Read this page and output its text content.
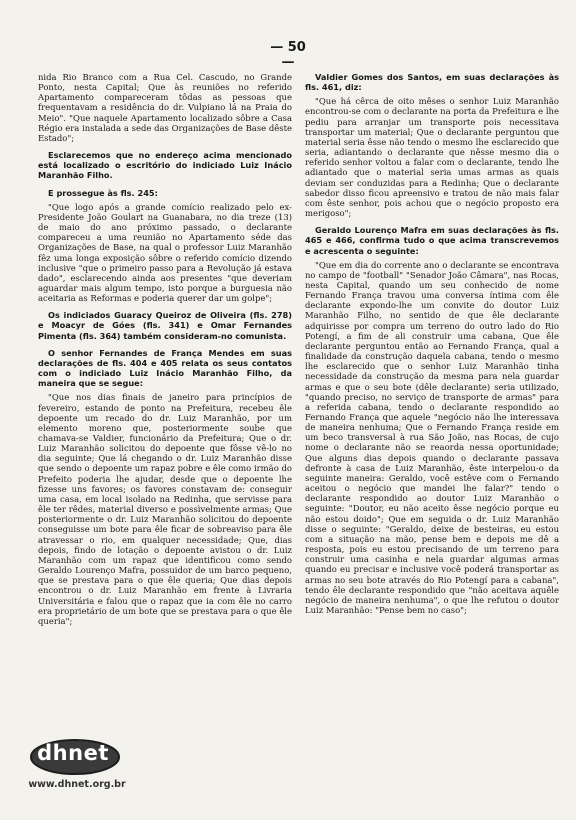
— 50 —

nida Rio Branco com a Rua Cel. Cascudo, no Grande Ponto, nesta Capital; Que às reuniões no referido Apartamento compareceram tôdas as pessoas que frequentavam a residência do dr. Vulpiano lá na Praia do Meio". "Que naquele Apartamento localizado sôbre a Casa Régio era instalada a sede das Organizações de Base dêste Estado";

Esclarecemos que no endereço acima mencionado está localizado o escritório do indiciado Luiz Inácio Maranhão Filho.

E prossegue às fls. 245:

"Que logo após a grande comício realizado pelo ex-Presidente João Goulart na Guanabara, no dia treze (13) de maio do ano próximo passado, o declarante compareceu a uma reunião no Apartamento séde das Organizações de Base, na qual o professor Luiz Maranhão fêz uma longa exposição sôbre o referido comício dizendo inclusive "que o primeiro passo para a Revolução já estava dado", esclarecendo ainda aos presentes "que deveriam aguardar mais algum tempo, isto porque a burguesia não aceitaria as Reformas e poderia querer dar um golpe";

Os indiciados Guaracy Queiroz de Oliveira (fls. 278) e Moacyr de Góes (fls. 341) e Omar Fernandes Pimenta (fls. 364) também consideram-no comunista.

O senhor Fernandes de França Mendes em suas declarações de fls. 404 e 405 relata os seus contatos com o indiciado Luiz Inácio Maranhão Filho, da maneira que se segue:

"Que nos dias finais de janeiro para princípios de fevereiro, estando de ponto na Prefeitura, recebeu êle depoente um recado do dr. Luiz Maranhão, por um elemento moreno que, posteriormente soube que chamava-se Valdier, funcionário da Prefeitura; Que o dr. Luiz Maranhão solicitou do depoente que fôsse vê-lo no dia seguinte; Que lá chegando o dr. Luiz Maranhão disse que sendo o depoente um rapaz pobre e êle como irmão do Prefeito poderia lhe ajudar, desde que o depoente lhe fizesse uns favores; os favores constavam de: conseguir uma casa, em local isolado na Redinha, que servisse para êle ter rêdes, material diverso e possìvelmente armas; Que posteriormente o dr. Luiz Maranhão solicitou do depoente conseguisse um bote para êle ficar de sobreaviso para êle atravessar o rio, em qualquer necessidade; Que, dias depois, findo de lotação o depoente avistou o dr. Luiz Maranhão com um rapaz que identificou como sendo Geraldo Lourenço Mafra, possuidor de um barco pequeno, que se prestava para o que êle queria; Que dias depois encontrou o dr. Luiz Maranhão em frente à Livraria Universitária e falou que o rapaz que ia com êle no carro era proprietário de um bote que se prestava para o que êle queria";

Valdier Gomes dos Santos, em suas declarações às fls. 461, diz:

"Que há cêrca de oito mêses o senhor Luiz Maranhão encontrou-se com o declarante na porta da Prefeitura e lhe pediu para arranjar um transporte pois necessitava transportar um material; Que o declarante perguntou que material seria êsse não tendo o mesmo lhe esclarecido que seria, adiantando o declarante que nêsse mesmo dia o referido senhor voltou a falar com o declarante, tendo lhe adiantado que o material seria umas armas as quais deviam ser conduzidas para a Redinha; Que o declarante sabedor disso ficou apreensivo e tratou de não mais falar com êste senhor, pois achou que o negócio proposto era merigoso";

Geraldo Lourenço Mafra em suas declarações às fls. 465 e 466, confirma tudo o que acima transcrevemos e acrescenta o seguinte:

"Que em dia do corrente ano o declarante se encontrava no campo de "football" "Senador João Câmara", nas Rocas, nesta Capital, quando um seu conhecido de nome Fernando França travou uma conversa íntima com êle declarante expondo-lhe um convite do doutor Luiz Maranhão Filho, no sentido de que êle declarante adquirisse por compra um terreno do outro lado do Rio Potengí, a fim de ali construir uma cabana, Que êle declarante perguntou então ao Fernando França, qual a finalidade da construção daquela cabana, tendo o mesmo lhe esclarecido que o senhor Luiz Maranhão tinha necessidade da construção da mesma para nela guardar armas e que o seu bote (dêle declarante) seria utilizado, "quando preciso, no serviço de transporte de armas" para a referida cabana, tendo o declarante respondido ao Fernando França que aquele "negócio não lhe interessava de maneira nenhuma; Que o Fernando França reside em um beco transversal à rua São João, nas Rocas, de cujo nome o declarante não se reaorda nessa oportunidade; Que alguns dias depois quando o declarante passava defronte à casa de Luiz Maranhão, êste interpelou-o da seguinte maneira: Geraldo, você estêve com o Fernando aceitou o negócio que mandei lhe falar?" tendo o declarante respondido ao doutor Luiz Maranhão o seguinte: "Doutor, eu não aceito êsse negócio porque eu não estou doido"; Que em seguida o dr. Luiz Maranhão disse o seguinte: "Geraldo, deixe de besteiras, eu estou com a situação na mão, pense bem e depois me dê a resposta, pois eu estou precisando de um terreno para construir uma casinha e nela guardar algumas armas quando eu precisar e inclusive você poderá transportar as armas no seu bote através do Rio Potengí para a cabana", tendo êle declarante respondido que "não aceitava aquêle negócio de maneira nenhuma", o que lhe refutou o doutor Luiz Maranhão: "Pense bem no caso";

dhnet
www.dhnet.org.br
